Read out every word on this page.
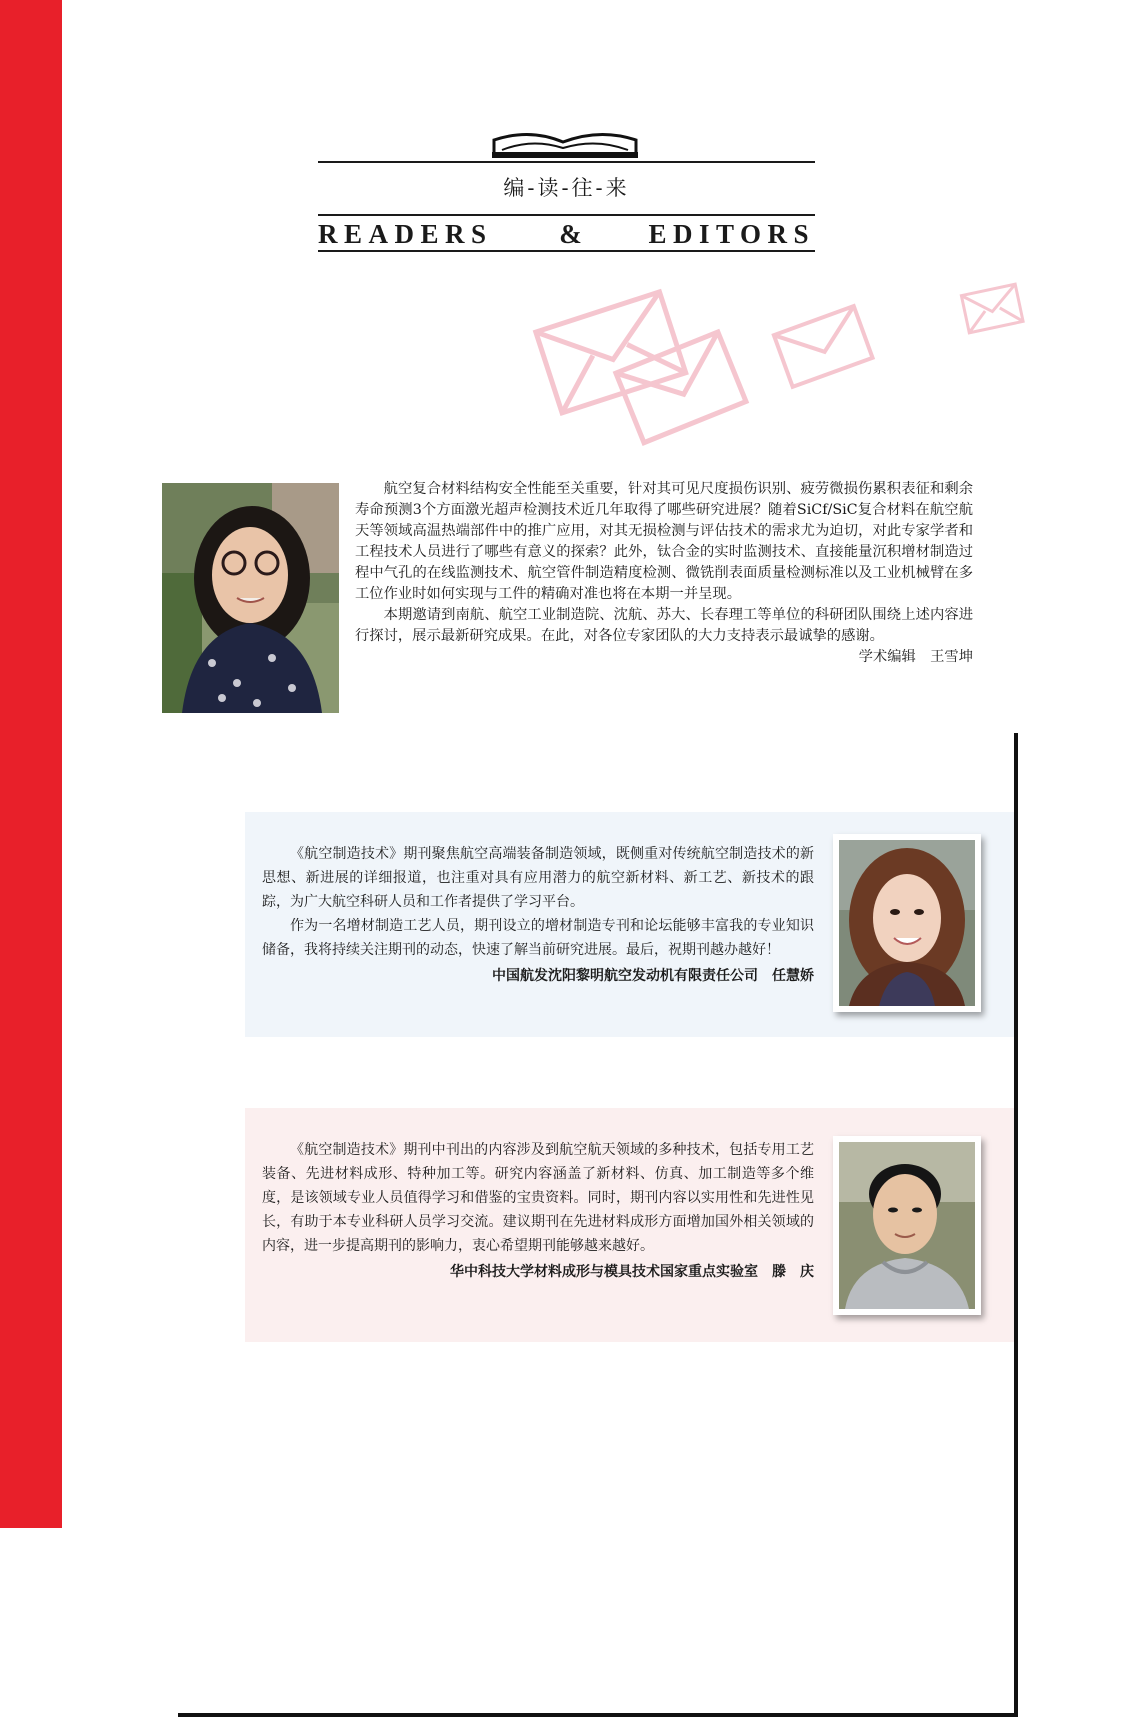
编-读-往-来
READERS & EDITORS

航空复合材料结构安全性能至关重要，针对其可见尺度损伤识别、疲劳微损伤累积表征和剩余寿命预测3个方面激光超声检测技术近几年取得了哪些研究进展？随着SiCf/SiC复合材料在航空航天等领域高温热端部件中的推广应用，对其无损检测与评估技术的需求尤为迫切，对此专家学者和工程技术人员进行了哪些有意义的探索？此外，钛合金的实时监测技术、直接能量沉积增材制造过程中气孔的在线监测技术、航空管件制造精度检测、微铣削表面质量检测标准以及工业机械臂在多工位作业时如何实现与工件的精确对准也将在本期一并呈现。

本期邀请到南航、航空工业制造院、沈航、苏大、长春理工等单位的科研团队围绕上述内容进行探讨，展示最新研究成果。在此，对各位专家团队的大力支持表示最诚挚的感谢。

学术编辑　王雪坤

《航空制造技术》期刊聚焦航空高端装备制造领域，既侧重对传统航空制造技术的新思想、新进展的详细报道，也注重对具有应用潜力的航空新材料、新工艺、新技术的跟踪，为广大航空科研人员和工作者提供了学习平台。

作为一名增材制造工艺人员，期刊设立的增材制造专刊和论坛能够丰富我的专业知识储备，我将持续关注期刊的动态，快速了解当前研究进展。最后，祝期刊越办越好！

中国航发沈阳黎明航空发动机有限责任公司　任慧娇

《航空制造技术》期刊中刊出的内容涉及到航空航天领域的多种技术，包括专用工艺装备、先进材料成形、特种加工等。研究内容涵盖了新材料、仿真、加工制造等多个维度，是该领域专业人员值得学习和借鉴的宝贵资料。同时，期刊内容以实用性和先进性见长，有助于本专业科研人员学习交流。建议期刊在先进材料成形方面增加国外相关领域的内容，进一步提高期刊的影响力，衷心希望期刊能够越来越好。

华中科技大学材料成形与模具技术国家重点实验室　滕　庆
